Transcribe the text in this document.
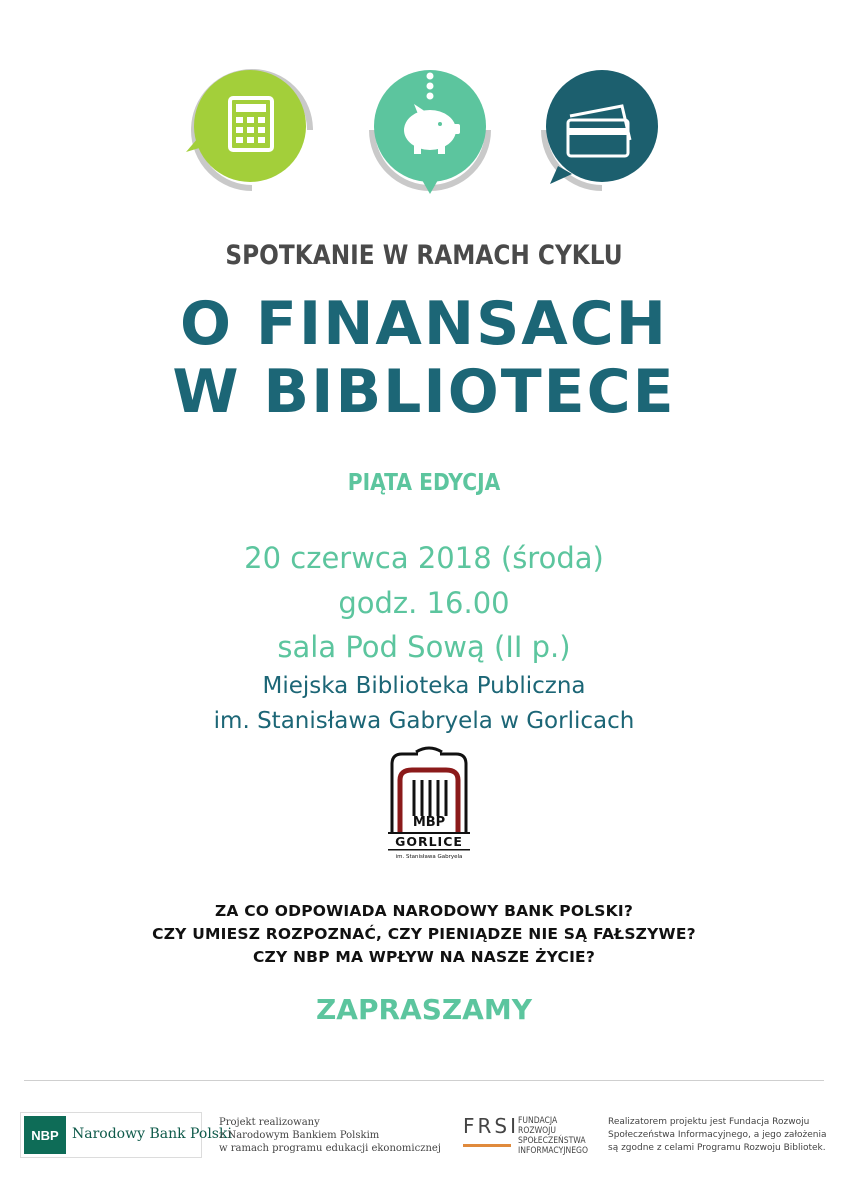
SPOTKANIE W RAMACH CYKLU
O FINANSACH
W BIBLIOTECE
PIĄTA EDYCJA
20 czerwca 2018 (środa)
godz. 16.00
sala Pod Sową (II p.)
Miejska Biblioteka Publiczna
im. Stanisława Gabryela w Gorlicach
MBP
GORLICE
im. Stanisława Gabryela
ZA CO ODPOWIADA NARODOWY BANK POLSKI?
CZY UMIESZ ROZPOZNAĆ, CZY PIENIĄDZE NIE SĄ FAŁSZYWE?
CZY NBP MA WPŁYW NA NASZE ŻYCIE?
ZAPRASZAMY
NBP Narodowy Bank Polski
Projekt realizowany
z Narodowym Bankiem Polskim
w ramach programu edukacji ekonomicznej
FRSI FUNDACJA
ROZWOJU
SPOŁECZEŃSTWA
INFORMACYJNEGO
Realizatorem projektu jest Fundacja Rozwoju
Społeczeństwa Informacyjnego, a jego założenia
są zgodne z celami Programu Rozwoju Bibliotek.
